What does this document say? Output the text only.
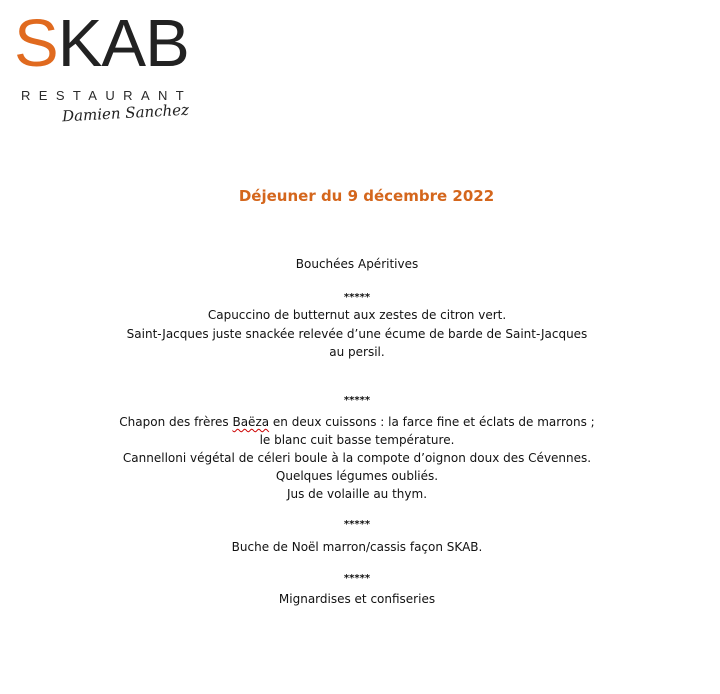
SKAB
RESTAURANT
Damien Sanchez
Déjeuner du 9 décembre 2022
Bouchées Apéritives
*****
Capuccino de butternut aux zestes de citron vert.
Saint-Jacques juste snackée relevée d’une écume de barde de Saint-Jacques
au persil.
*****
Chapon des frères Baëza en deux cuissons : la farce fine et éclats de marrons ;
le blanc cuit basse température.
Cannelloni végétal de céleri boule à la compote d’oignon doux des Cévennes.
Quelques légumes oubliés.
Jus de volaille au thym.
*****
Buche de Noël marron/cassis façon SKAB.
*****
Mignardises et confiseries
